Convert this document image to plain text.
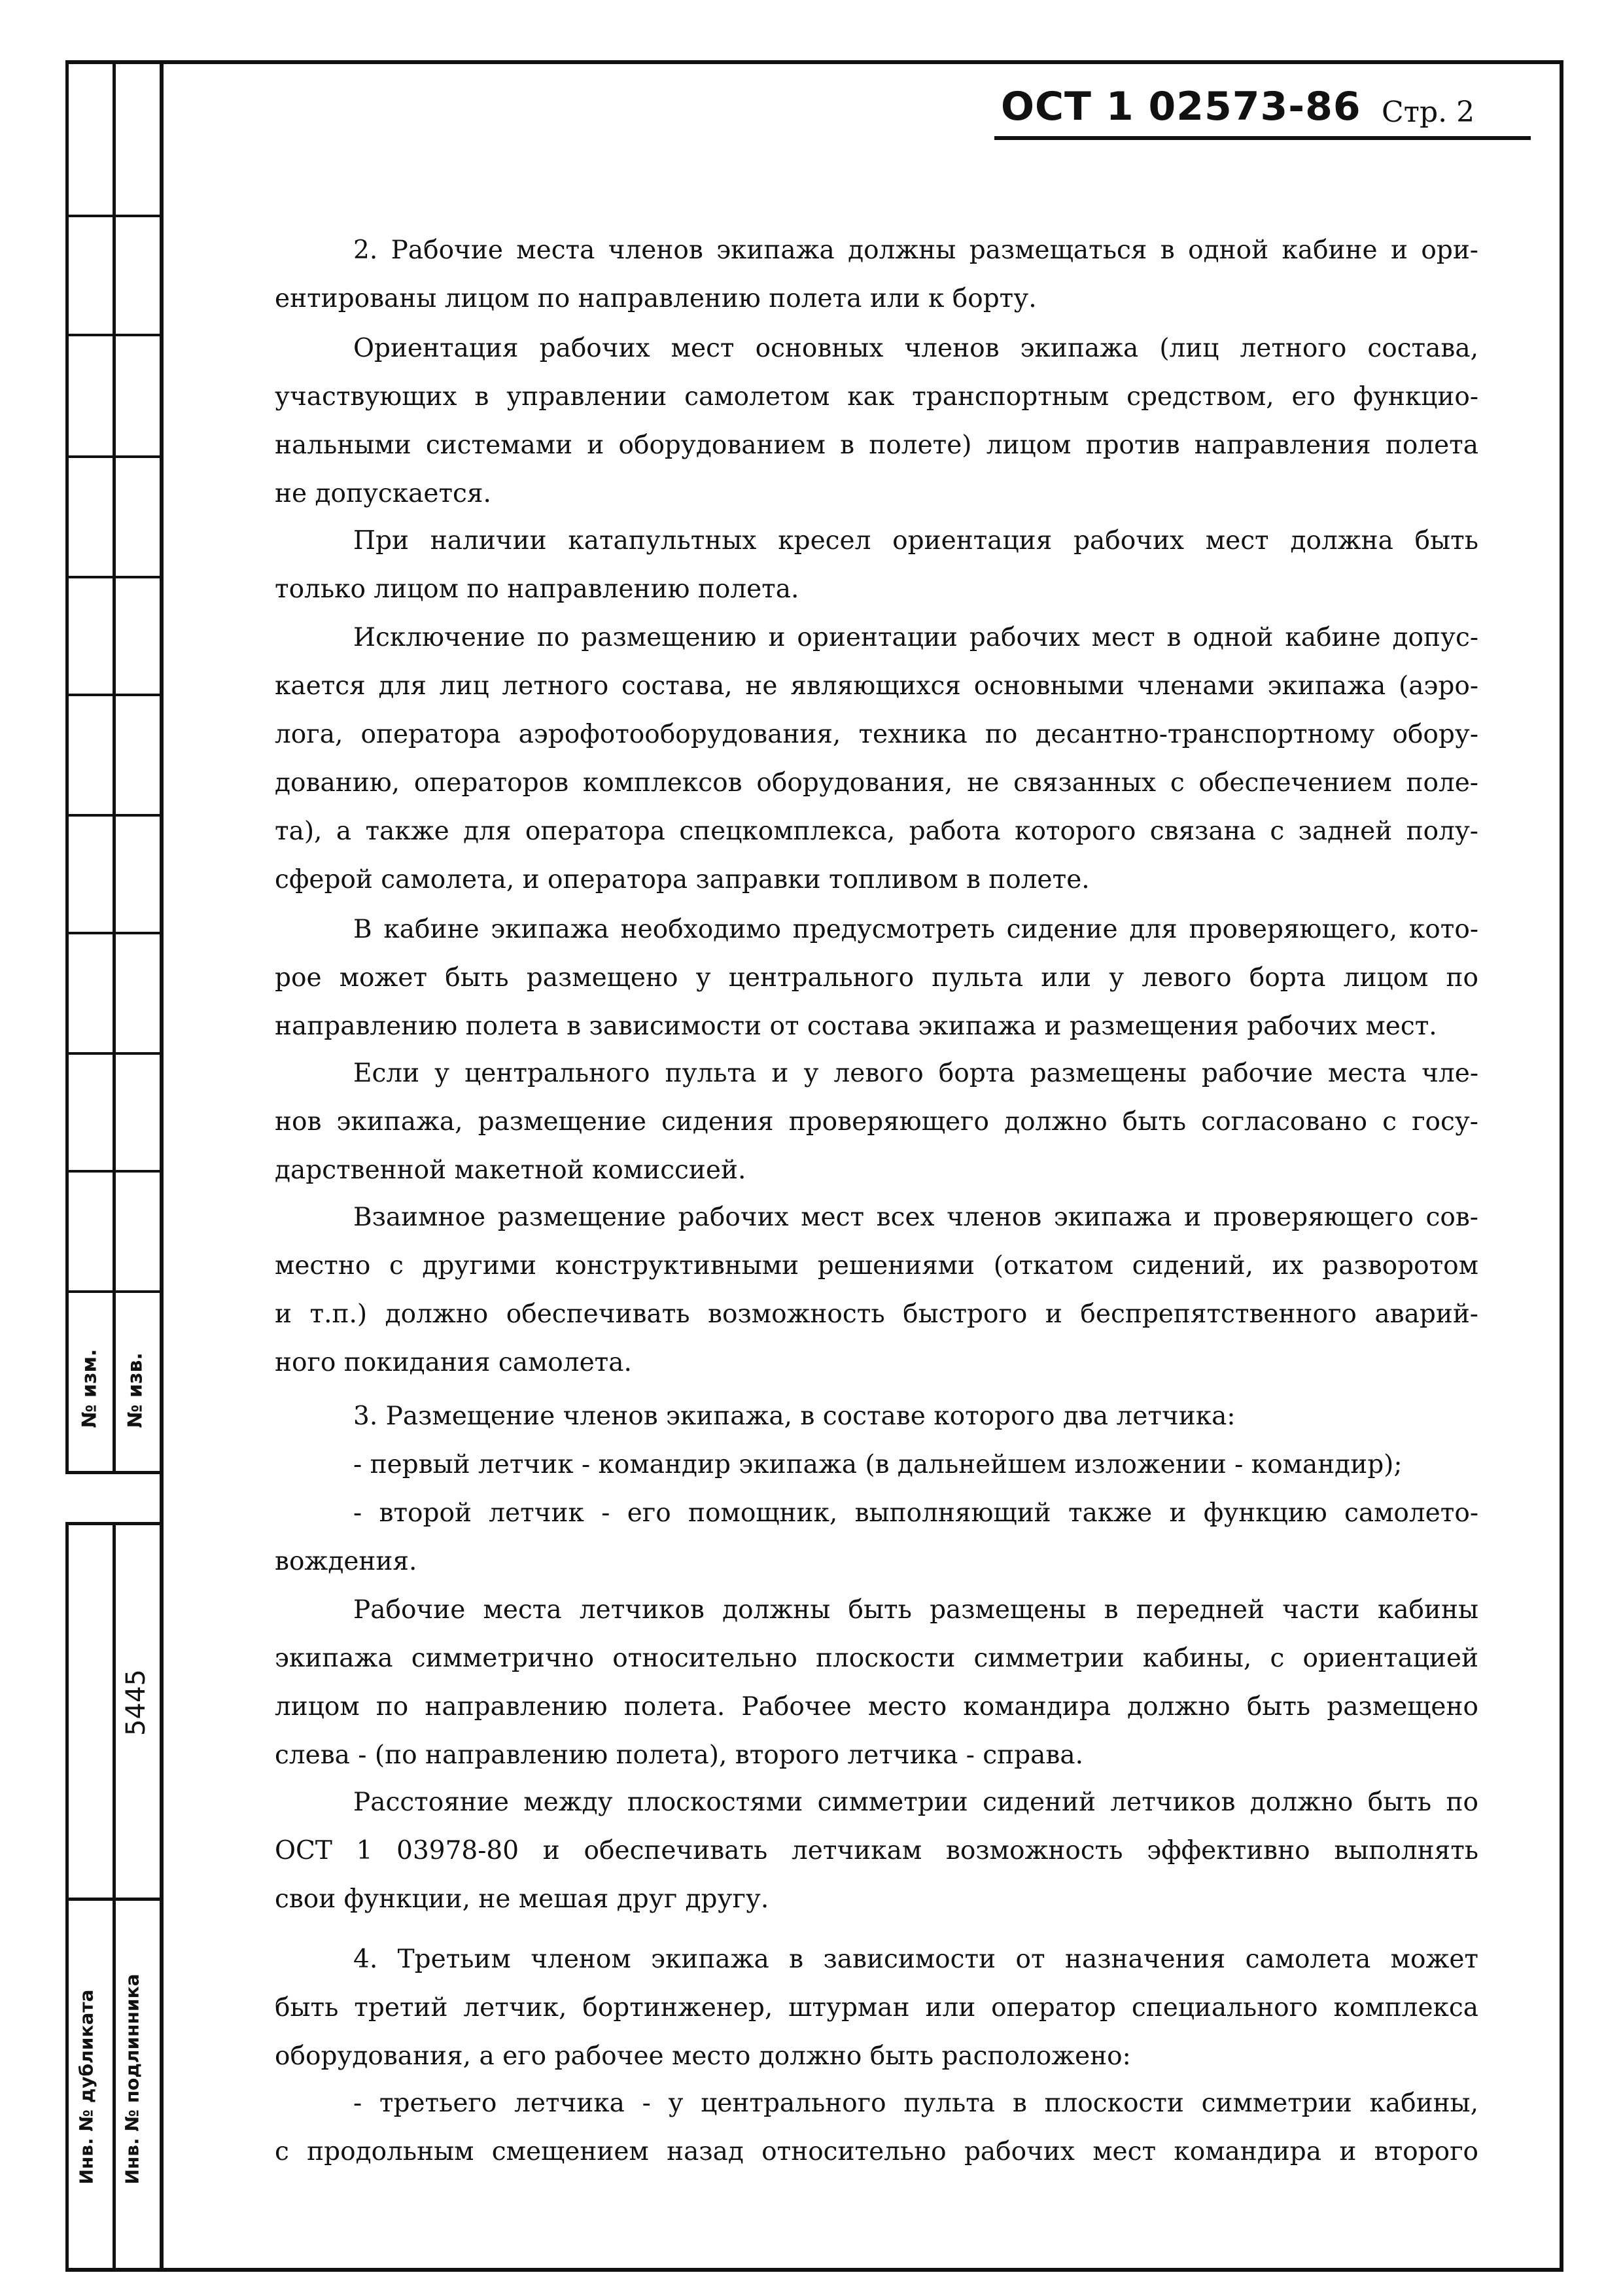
№ изм. № изв.
5445
Инв. № дубликата Инв. № подлинника
ОСТ 1 02573-86 Стр. 2
2. Рабочие места членов экипажа должны размещаться в одной кабине и ори-
ентированы лицом по направлению полета или к борту.
Ориентация рабочих мест основных членов экипажа (лиц летного состава,
участвующих в управлении самолетом как транспортным средством, его функцио-
нальными системами и оборудованием в полете) лицом против направления полета
не допускается.
При наличии катапультных кресел ориентация рабочих мест должна быть
только лицом по направлению полета.
Исключение по размещению и ориентации рабочих мест в одной кабине допус-
кается для лиц летного состава, не являющихся основными членами экипажа (аэро-
лога, оператора аэрофотооборудования, техника по десантно-транспортному обору-
дованию, операторов комплексов оборудования, не связанных с обеспечением поле-
та), а также для оператора спецкомплекса, работа которого связана с задней полу-
сферой самолета, и оператора заправки топливом в полете.
В кабине экипажа необходимо предусмотреть сидение для проверяющего, кото-
рое может быть размещено у центрального пульта или у левого борта лицом по
направлению полета в зависимости от состава экипажа и размещения рабочих мест.
Если у центрального пульта и у левого борта размещены рабочие места чле-
нов экипажа, размещение сидения проверяющего должно быть согласовано с госу-
дарственной макетной комиссией.
Взаимное размещение рабочих мест всех членов экипажа и проверяющего сов-
местно с другими конструктивными решениями (откатом сидений, их разворотом
и т.п.) должно обеспечивать возможность быстрого и беспрепятственного аварий-
ного покидания самолета.
3. Размещение членов экипажа, в составе которого два летчика:
- первый летчик - командир экипажа (в дальнейшем изложении - командир);
- второй летчик - его помощник, выполняющий также и функцию самолето-
вождения.
Рабочие места летчиков должны быть размещены в передней части кабины
экипажа симметрично относительно плоскости симметрии кабины, с ориентацией
лицом по направлению полета. Рабочее место командира должно быть размещено
слева - (по направлению полета), второго летчика - справа.
Расстояние между плоскостями симметрии сидений летчиков должно быть по
ОСТ 1 03978-80 и обеспечивать летчикам возможность эффективно выполнять
свои функции, не мешая друг другу.
4. Третьим членом экипажа в зависимости от назначения самолета может
быть третий летчик, бортинженер, штурман или оператор специального комплекса
оборудования, а его рабочее место должно быть расположено:
- третьего летчика - у центрального пульта в плоскости симметрии кабины,
с продольным смещением назад относительно рабочих мест командира и второго
